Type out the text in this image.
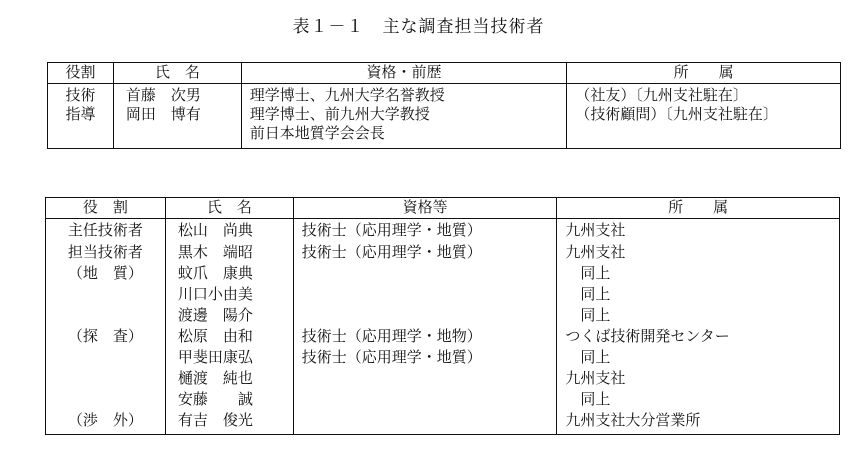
表１－１　主な調査担当技術者
役割	氏　名	資格・前歴	所　　属
技術	首藤　次男	理学博士、九州大学名誉教授	（社友）〔九州支社駐在〕
指導	岡田　博有	理学博士、前九州大学教授	（技術顧問）〔九州支社駐在〕
		前日本地質学会会長	
役　割	氏　名	資格等	所　　属
主任技術者	松山　尚典	技術士（応用理学・地質）	九州支社
担当技術者	黒木　端昭	技術士（応用理学・地質）	九州支社
（地　質）	蚊爪　康典		　同上
	川口小由美		　同上
	渡邊　陽介		　同上
（探　査）	松原　由和	技術士（応用理学・地物）	つくば技術開発センター
	甲斐田康弘	技術士（応用理学・地質）	　同上
	樋渡　純也		九州支社
	安藤　　誠		　同上
（渉　外）	有吉　俊光		九州支社大分営業所
